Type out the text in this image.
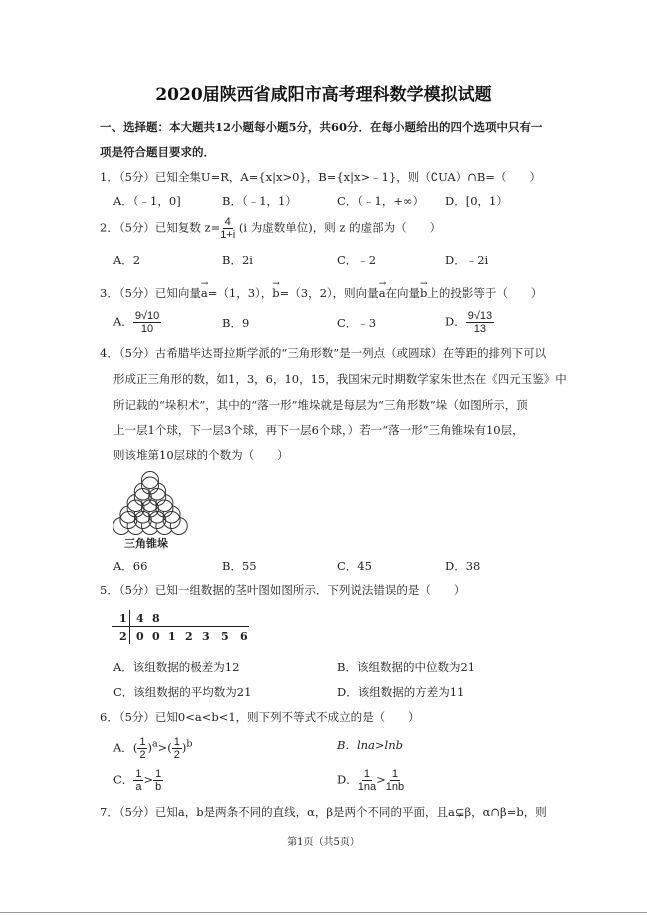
2020届陕西省咸阳市高考理科数学模拟试题
一、选择题：本大题共12小题每小题5分，共60分．在每小题给出的四个选项中只有一
项是符合题目要求的．
1．（5分）已知全集U=R，A={x|x>0}，B={x|x>﹣1}，则（∁UA）∩B=（　　）
A．（﹣1，0]	B．（﹣1，1）	C．（﹣1，+∞） D．[0，1）
2．（5分）已知复数 $z= \frac{4}{1+i} (i$ 为虚数单位)，则 z 的虚部为（　　）
A．2	B．2i	C．﹣2	D．﹣2i
3．（5分）已知向量→ a=（1，3），→ b=（3，2），则向量→ a在向量→ b上的投影等于（　　）
A． $\frac{9√10}{10}$	B．9	C．﹣3	D． $\frac{9√13}{13}$
4．（5分）古希腊毕达哥拉斯学派的“三角形数”是一列点（或圆球）在等距的排列下可以
形成正三角形的数，如1，3，6，10，15，我国宋元时期数学家朱世杰在《四元玉鉴》中
所记载的“垛积术”，其中的“落一形”堆垛就是每层为“三角形数”垛（如图所示，顶
上一层1个球，下一层3个球，再下一层6个球，）若一“落一形”三角锥垛有10层，
则该堆第10层球的个数为（　　）
三角锥垛
A．66	B．55	C．45	D．38
5．（5分）已知一组数据的茎叶图如图所示．下列说法错误的是（　　）
1 4 8
2 0 0 1 2 3 5 6
A．该组数据的极差为12	B．该组数据的中位数为21
C．该组数据的平均数为21	D．该组数据的方差为11
6．（5分）已知0<a<b<1，则下列不等式不成立的是（　　）
A．( $\frac{1}{2} )^a>( \frac{1}{2} )^b$	B．lna>lnb
C． $\frac{1}{a} > \frac{1}{b}$	D． $\frac{1}{1na} > \frac{1}{1nb}$
7．（5分）已知a，b是两条不同的直线，α，β是两个不同的平面，且a⊊β，α∩β=b，则
第1页（共5页）
